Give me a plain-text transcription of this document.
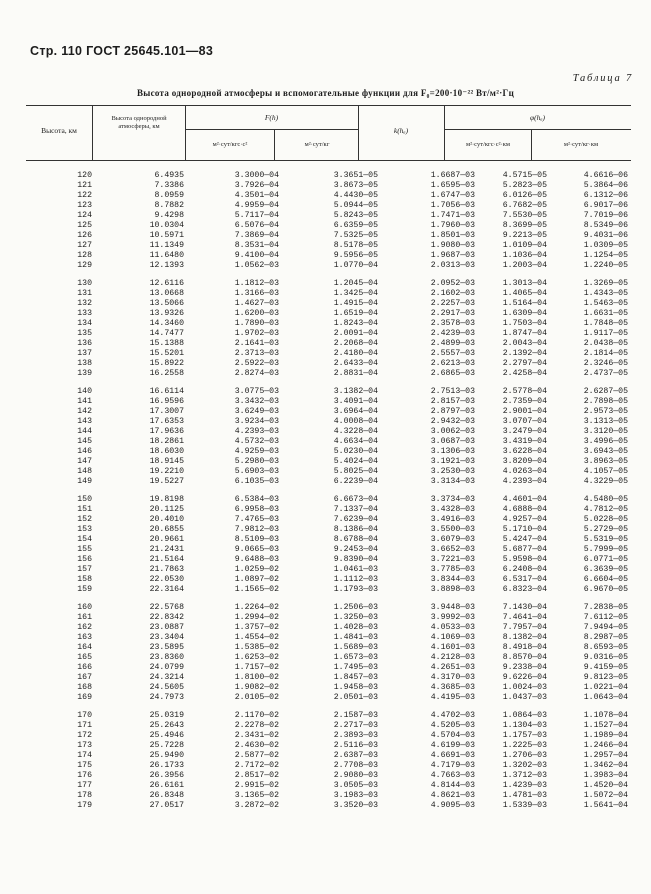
Стр. 110 ГОСТ 25645.101—83
Таблица 7
Высота однородной атмосферы и вспомогательные функции для F₀=200·10⁻²² Вт/м²·Гц
Высота, км
Высота однородной атмосферы, км
F(h)
м²·сут/кгс·с²	м²·сут/кг
k(hₐ)
φ(hₐ)
м²·сут/кгс·с²·км	м²·сут/кг·км
120	6.4935	3.3000—04	3.3651—05	1.6687—03	4.5715—05	4.6616—06
121	7.3386	3.7926—04	3.8673—05	1.6595—03	5.2823—05	5.3864—06
122	8.0959	4.3501—04	4.4430—05	1.6747—03	6.0126—05	6.1312—06
123	8.7882	4.9959—04	5.0944—05	1.7056—03	6.7682—05	6.9017—06
124	9.4298	5.7117—04	5.8243—05	1.7471—03	7.5530—05	7.7019—06
125	10.0304	6.5076—04	6.6359—05	1.7960—03	8.3699—05	8.5349—06
126	10.5971	7.3869—04	7.5325—05	1.8501—03	9.2213—05	9.4031—06
127	11.1349	8.3531—04	8.5178—05	1.9080—03	1.0109—04	1.0309—05
128	11.6480	9.4100—04	9.5956—05	1.9687—03	1.1036—04	1.1254—05
129	12.1393	1.0562—03	1.0770—04	2.0313—03	1.2003—04	1.2240—05
130	12.6116	1.1812—03	1.2045—04	2.0952—03	1.3013—04	1.3269—05
131	13.0668	1.3166—03	1.3425—04	2.1602—03	1.4065—04	1.4343—05
132	13.5066	1.4627—03	1.4915—04	2.2257—03	1.5164—04	1.5463—05
133	13.9326	1.6200—03	1.6519—04	2.2917—03	1.6309—04	1.6631—05
134	14.3460	1.7890—03	1.8243—04	2.3578—03	1.7503—04	1.7848—05
135	14.7477	1.9702—03	2.0091—04	2.4239—03	1.8747—04	1.9117—05
136	15.1388	2.1641—03	2.2068—04	2.4899—03	2.0043—04	2.0438—05
137	15.5201	2.3713—03	2.4180—04	2.5557—03	2.1392—04	2.1814—05
138	15.8922	2.5922—03	2.6433—04	2.6213—03	2.2797—04	2.3246—05
139	16.2558	2.8274—03	2.8831—04	2.6865—03	2.4258—04	2.4737—05
140	16.6114	3.0775—03	3.1382—04	2.7513—03	2.5778—04	2.6287—05
141	16.9596	3.3432—03	3.4091—04	2.8157—03	2.7359—04	2.7898—05
142	17.3007	3.6249—03	3.6964—04	2.8797—03	2.9001—04	2.9573—05
143	17.6353	3.9234—03	4.0008—04	2.9432—03	3.0707—04	3.1313—05
144	17.9636	4.2393—03	4.3228—04	3.0062—03	3.2479—04	3.3120—05
145	18.2861	4.5732—03	4.6634—04	3.0687—03	3.4319—04	3.4996—05
146	18.6030	4.9259—03	5.0230—04	3.1306—03	3.6228—04	3.6943—05
147	18.9145	5.2980—03	5.4024—04	3.1921—03	3.8209—04	3.8963—05
148	19.2210	5.6903—03	5.8025—04	3.2530—03	4.0263—04	4.1057—05
149	19.5227	6.1035—03	6.2239—04	3.3134—03	4.2393—04	4.3229—05
150	19.8198	6.5384—03	6.6673—04	3.3734—03	4.4601—04	4.5480—05
151	20.1125	6.9958—03	7.1337—04	3.4328—03	4.6888—04	4.7812—05
152	20.4010	7.4765—03	7.6239—04	3.4916—03	4.9257—04	5.0228—05
153	20.6855	7.9812—03	8.1386—04	3.5500—03	5.1710—04	5.2729—05
154	20.9661	8.5109—03	8.6788—04	3.6079—03	5.4247—04	5.5319—05
155	21.2431	9.0665—03	9.2453—04	3.6652—03	5.6877—04	5.7999—05
156	21.5164	9.6488—03	9.8390—04	3.7221—03	5.9598—04	6.0771—05
157	21.7863	1.0259—02	1.0461—03	3.7785—03	6.2408—04	6.3639—05
158	22.0530	1.0897—02	1.1112—03	3.8344—03	6.5317—04	6.6604—05
159	22.3164	1.1565—02	1.1793—03	3.8898—03	6.8323—04	6.9670—05
160	22.5768	1.2264—02	1.2506—03	3.9448—03	7.1430—04	7.2838—05
161	22.8342	1.2994—02	1.3250—03	3.9992—03	7.4641—04	7.6112—05
162	23.0887	1.3757—02	1.4028—03	4.0533—03	7.7957—04	7.9494—05
163	23.3404	1.4554—02	1.4841—03	4.1069—03	8.1382—04	8.2987—05
164	23.5895	1.5385—02	1.5689—03	4.1601—03	8.4918—04	8.6593—05
165	23.8360	1.6253—02	1.6573—03	4.2128—03	8.8570—04	9.0316—05
166	24.0799	1.7157—02	1.7495—03	4.2651—03	9.2338—04	9.4159—05
167	24.3214	1.8100—02	1.8457—03	4.3170—03	9.6226—04	9.8123—05
168	24.5605	1.9082—02	1.9458—03	4.3685—03	1.0024—03	1.0221—04
169	24.7973	2.0105—02	2.0501—03	4.4195—03	1.0437—03	1.0643—04
170	25.0319	2.1170—02	2.1587—03	4.4702—03	1.0864—03	1.1078—04
171	25.2643	2.2278—02	2.2717—03	4.5205—03	1.1304—03	1.1527—04
172	25.4946	2.3431—02	2.3893—03	4.5704—03	1.1757—03	1.1989—04
173	25.7228	2.4630—02	2.5116—03	4.6199—03	1.2225—03	1.2466—04
174	25.9490	2.5877—02	2.6387—03	4.6691—03	1.2706—03	1.2957—04
175	26.1733	2.7172—02	2.7708—03	4.7179—03	1.3202—03	1.3462—04
176	26.3956	2.8517—02	2.9080—03	4.7663—03	1.3712—03	1.3983—04
177	26.6161	2.9915—02	3.0505—03	4.8144—03	1.4239—03	1.4520—04
178	26.8348	3.1365—02	3.1983—03	4.8621—03	1.4781—03	1.5072—04
179	27.0517	3.2872—02	3.3520—03	4.9095—03	1.5339—03	1.5641—04
